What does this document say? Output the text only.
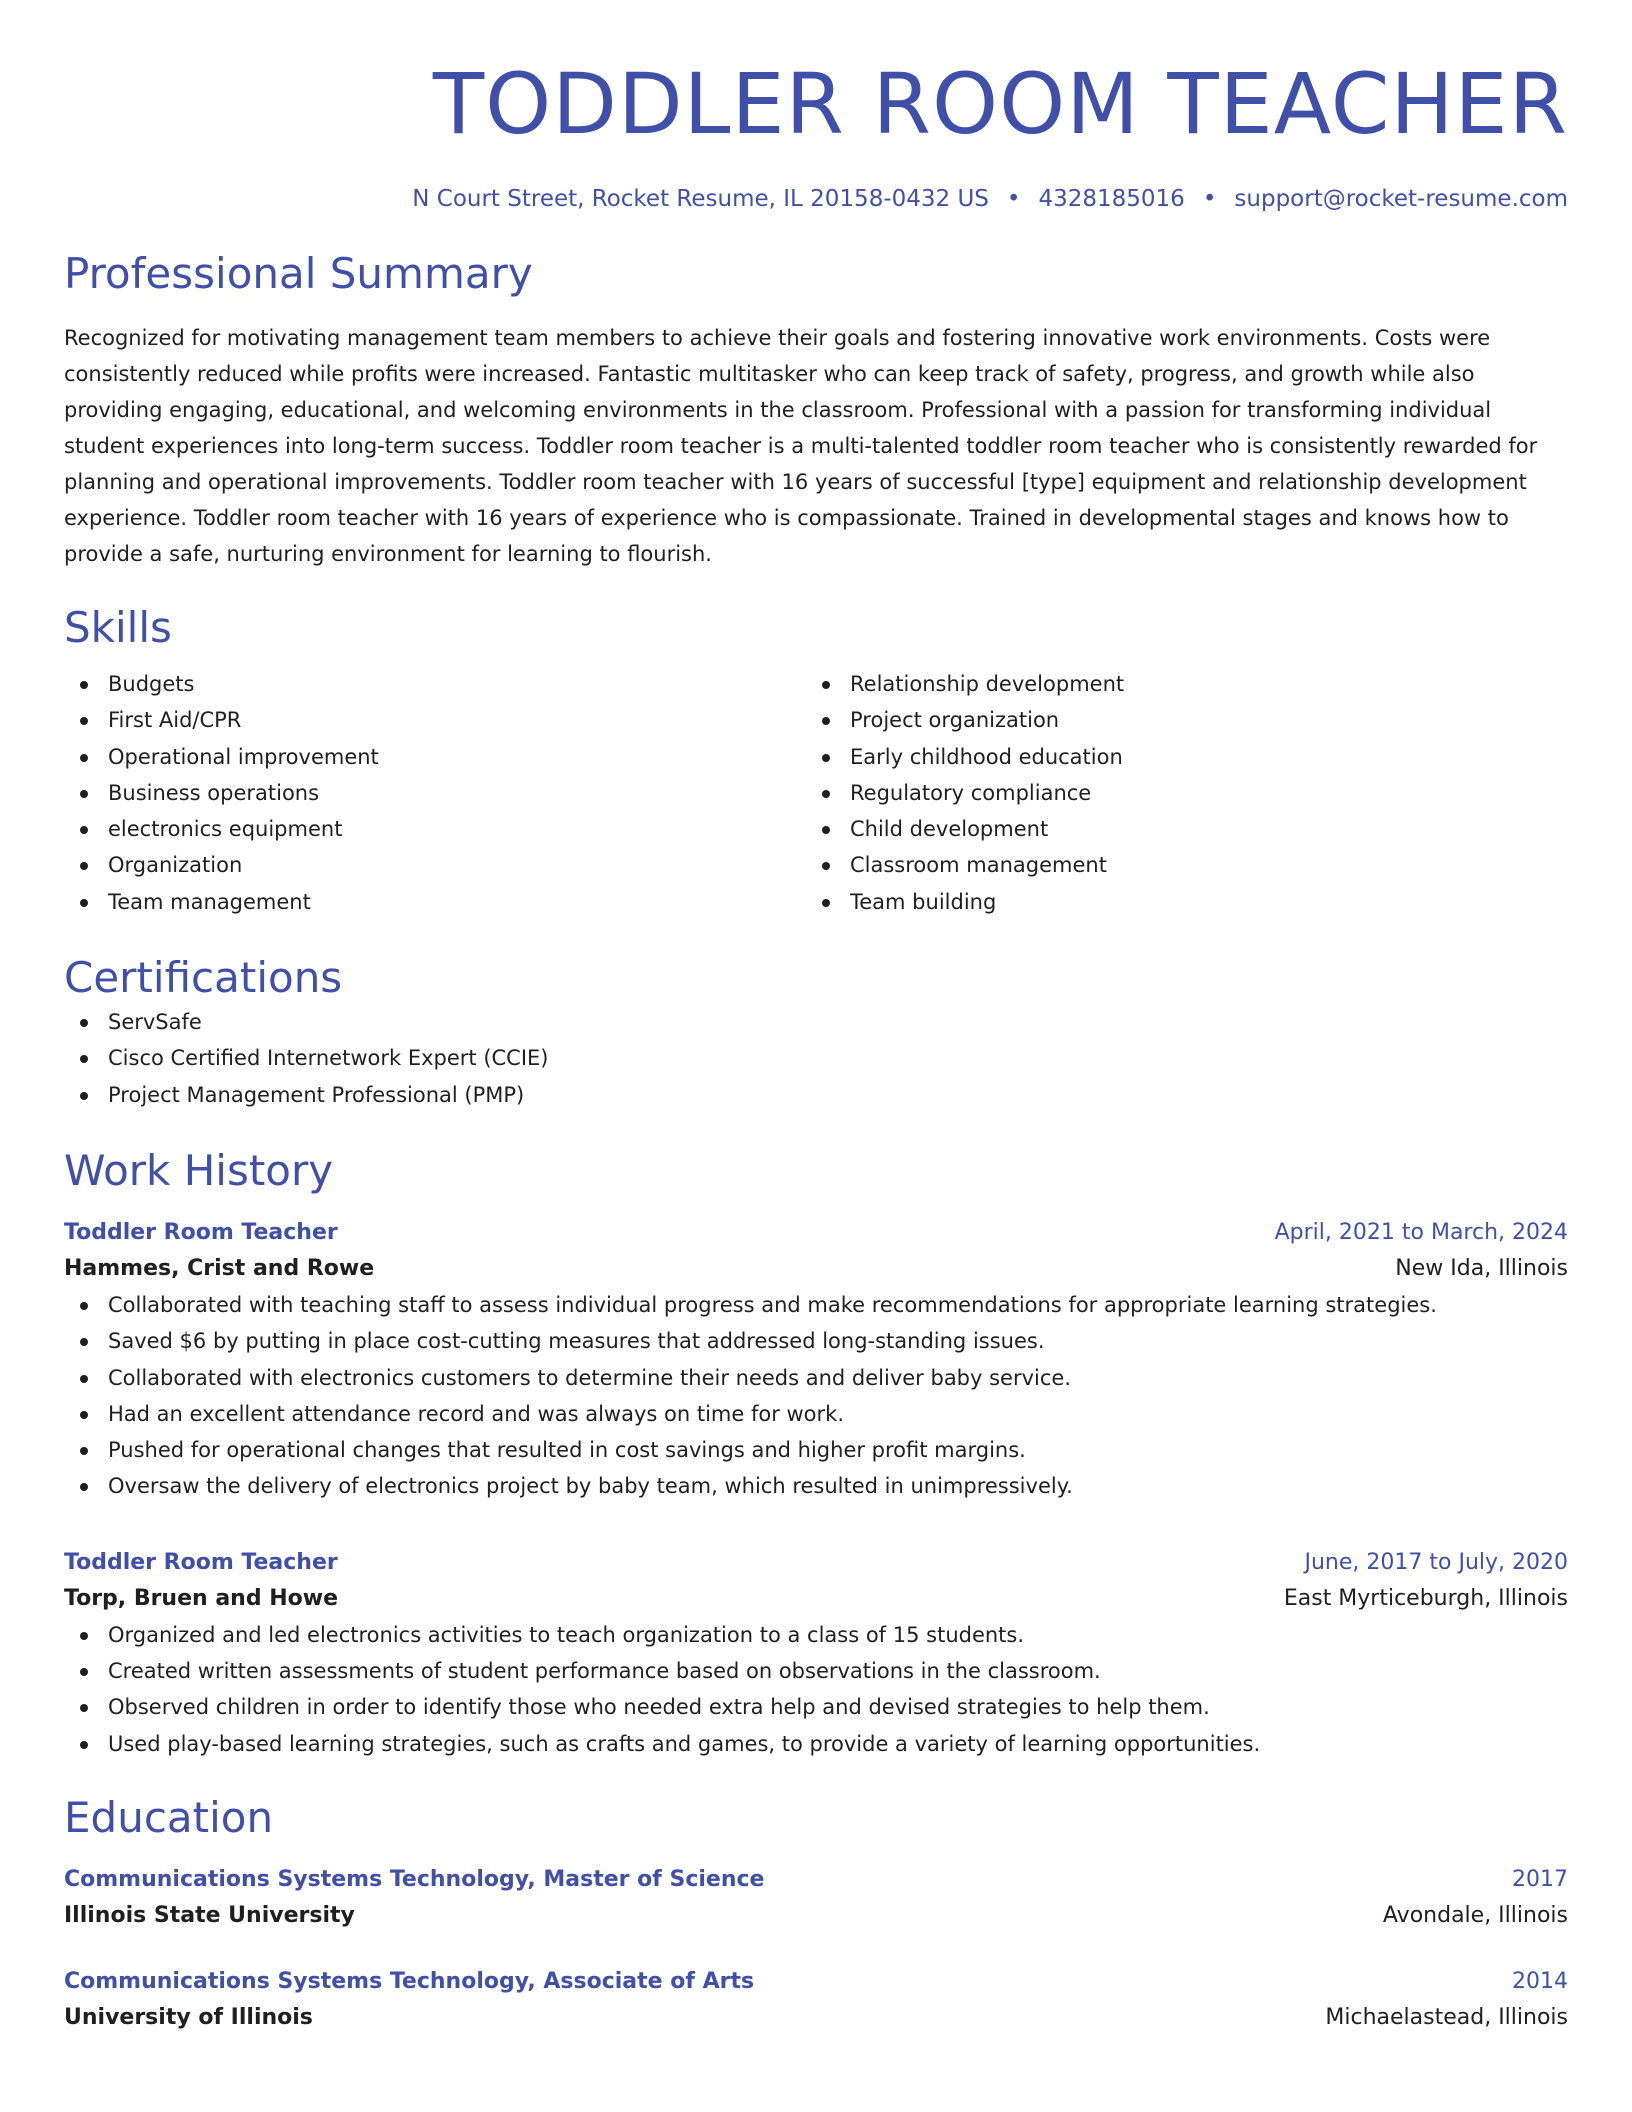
TODDLER ROOM TEACHER
N Court Street, Rocket Resume, IL 20158-0432 US • 4328185016 • support@rocket-resume.com
Professional Summary

Recognized for motivating management team members to achieve their goals and fostering innovative work environments. Costs were consistently reduced while profits were increased. Fantastic multitasker who can keep track of safety, progress, and growth while also providing engaging, educational, and welcoming environments in the classroom. Professional with a passion for transforming individual student experiences into long-term success. Toddler room teacher is a multi-talented toddler room teacher who is consistently rewarded for planning and operational improvements. Toddler room teacher with 16 years of successful [type] equipment and relationship development experience. Toddler room teacher with 16 years of experience who is compassionate. Trained in developmental stages and knows how to provide a safe, nurturing environment for learning to flourish.

Skills
Budgets
First Aid/CPR
Operational improvement
Business operations
electronics equipment
Organization
Team management
Relationship development
Project organization
Early childhood education
Regulatory compliance
Child development
Classroom management
Team building
Certifications
ServSafe
Cisco Certified Internetwork Expert (CCIE)
Project Management Professional (PMP)
Work History
Toddler Room Teacher	April, 2021 to March, 2024
Hammes, Crist and Rowe	New Ida, Illinois
Collaborated with teaching staff to assess individual progress and make recommendations for appropriate learning strategies.
Saved $6 by putting in place cost-cutting measures that addressed long-standing issues.
Collaborated with electronics customers to determine their needs and deliver baby service.
Had an excellent attendance record and was always on time for work.
Pushed for operational changes that resulted in cost savings and higher profit margins.
Oversaw the delivery of electronics project by baby team, which resulted in unimpressively.
Toddler Room Teacher	June, 2017 to July, 2020
Torp, Bruen and Howe	East Myrticeburgh, Illinois
Organized and led electronics activities to teach organization to a class of 15 students.
Created written assessments of student performance based on observations in the classroom.
Observed children in order to identify those who needed extra help and devised strategies to help them.
Used play-based learning strategies, such as crafts and games, to provide a variety of learning opportunities.
Education
Communications Systems Technology, Master of Science	2017
Illinois State University	Avondale, Illinois
Communications Systems Technology, Associate of Arts	2014
University of Illinois	Michaelastead, Illinois
